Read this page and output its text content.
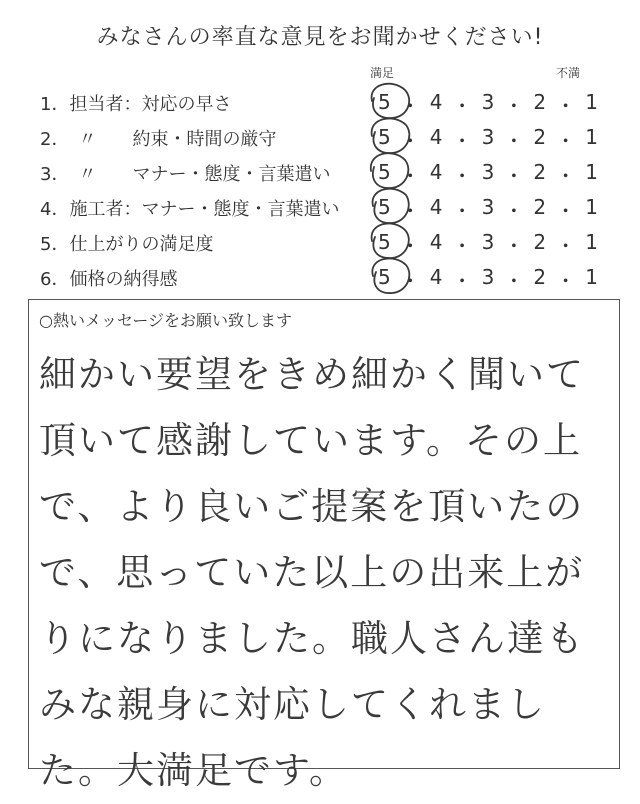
みなさんの率直な意見をお聞かせください!
満足	不満
1．担当者：対応の早さ	5 ・ 4 ・ 3 ・ 2 ・ 1
2．　〃　　約束・時間の厳守	5 ・ 4 ・ 3 ・ 2 ・ 1
3．　〃　　マナー・態度・言葉遣い 5 ・ 4 ・ 3 ・ 2 ・ 1
4．施工者：マナー・態度・言葉遣い 5 ・ 4 ・ 3 ・ 2 ・ 1
5．仕上がりの満足度	5 ・ 4 ・ 3 ・ 2 ・ 1
6．価格の納得感	5 ・ 4 ・ 3 ・ 2 ・ 1
○熱いメッセージをお願い致します
細かい要望をきめ細かく聞いて頂いて感謝しています。その上で、より良いご提案を頂いたので、思っていた以上の出来上がりになりました。職人さん達もみな親身に対応してくれました。大満足です。
